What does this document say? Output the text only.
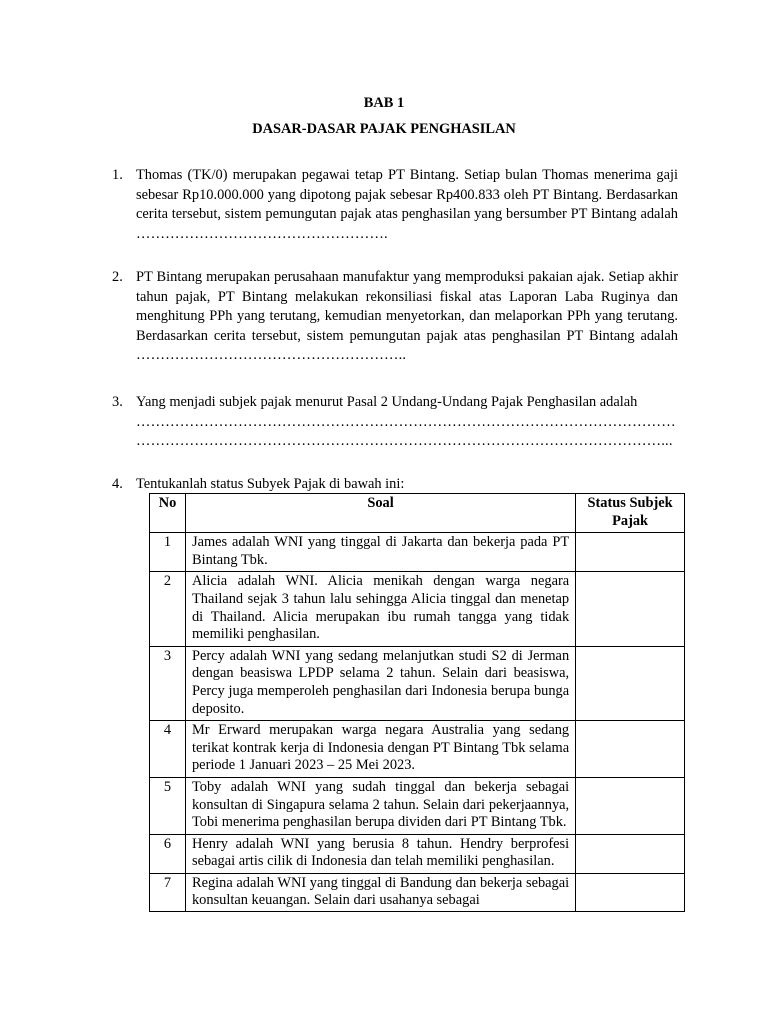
BAB 1
DASAR-DASAR PAJAK PENGHASILAN
1. Thomas (TK/0) merupakan pegawai tetap PT Bintang. Setiap bulan Thomas menerima gaji sebesar Rp10.000.000 yang dipotong pajak sebesar Rp400.833 oleh PT Bintang. Berdasarkan cerita tersebut, sistem pemungutan pajak atas penghasilan yang bersumber PT Bintang adalah …………………………………………….
2. PT Bintang merupakan perusahaan manufaktur yang memproduksi pakaian ajak. Setiap akhir tahun pajak, PT Bintang melakukan rekonsiliasi fiskal atas Laporan Laba Ruginya dan menghitung PPh yang terutang, kemudian menyetorkan, dan melaporkan PPh yang terutang. Berdasarkan cerita tersebut, sistem pemungutan pajak atas penghasilan PT Bintang adalah ………………………………………………..
3. Yang menjadi subjek pajak menurut Pasal 2 Undang-Undang Pajak Penghasilan adalah
…………………………………………………………………………………………………
………………………………………………………………………………………………...
4. Tentukanlah status Subyek Pajak di bawah ini:
No	Soal	Status Subjek Pajak
1	James adalah WNI yang tinggal di Jakarta dan bekerja pada PT Bintang Tbk.	
2	Alicia adalah WNI. Alicia menikah dengan warga negara Thailand sejak 3 tahun lalu sehingga Alicia tinggal dan menetap di Thailand. Alicia merupakan ibu rumah tangga yang tidak memiliki penghasilan.	
3	Percy adalah WNI yang sedang melanjutkan studi S2 di Jerman dengan beasiswa LPDP selama 2 tahun. Selain dari beasiswa, Percy juga memperoleh penghasilan dari Indonesia berupa bunga deposito.	
4	Mr Erward merupakan warga negara Australia yang sedang terikat kontrak kerja di Indonesia dengan PT Bintang Tbk selama periode 1 Januari 2023 – 25 Mei 2023.	
5	Toby adalah WNI yang sudah tinggal dan bekerja sebagai konsultan di Singapura selama 2 tahun. Selain dari pekerjaannya, Tobi menerima penghasilan berupa dividen dari PT Bintang Tbk.	
6	Henry adalah WNI yang berusia 8 tahun. Hendry berprofesi sebagai artis cilik di Indonesia dan telah memiliki penghasilan.	
7	Regina adalah WNI yang tinggal di Bandung dan bekerja sebagai konsultan keuangan. Selain dari usahanya sebagai	
